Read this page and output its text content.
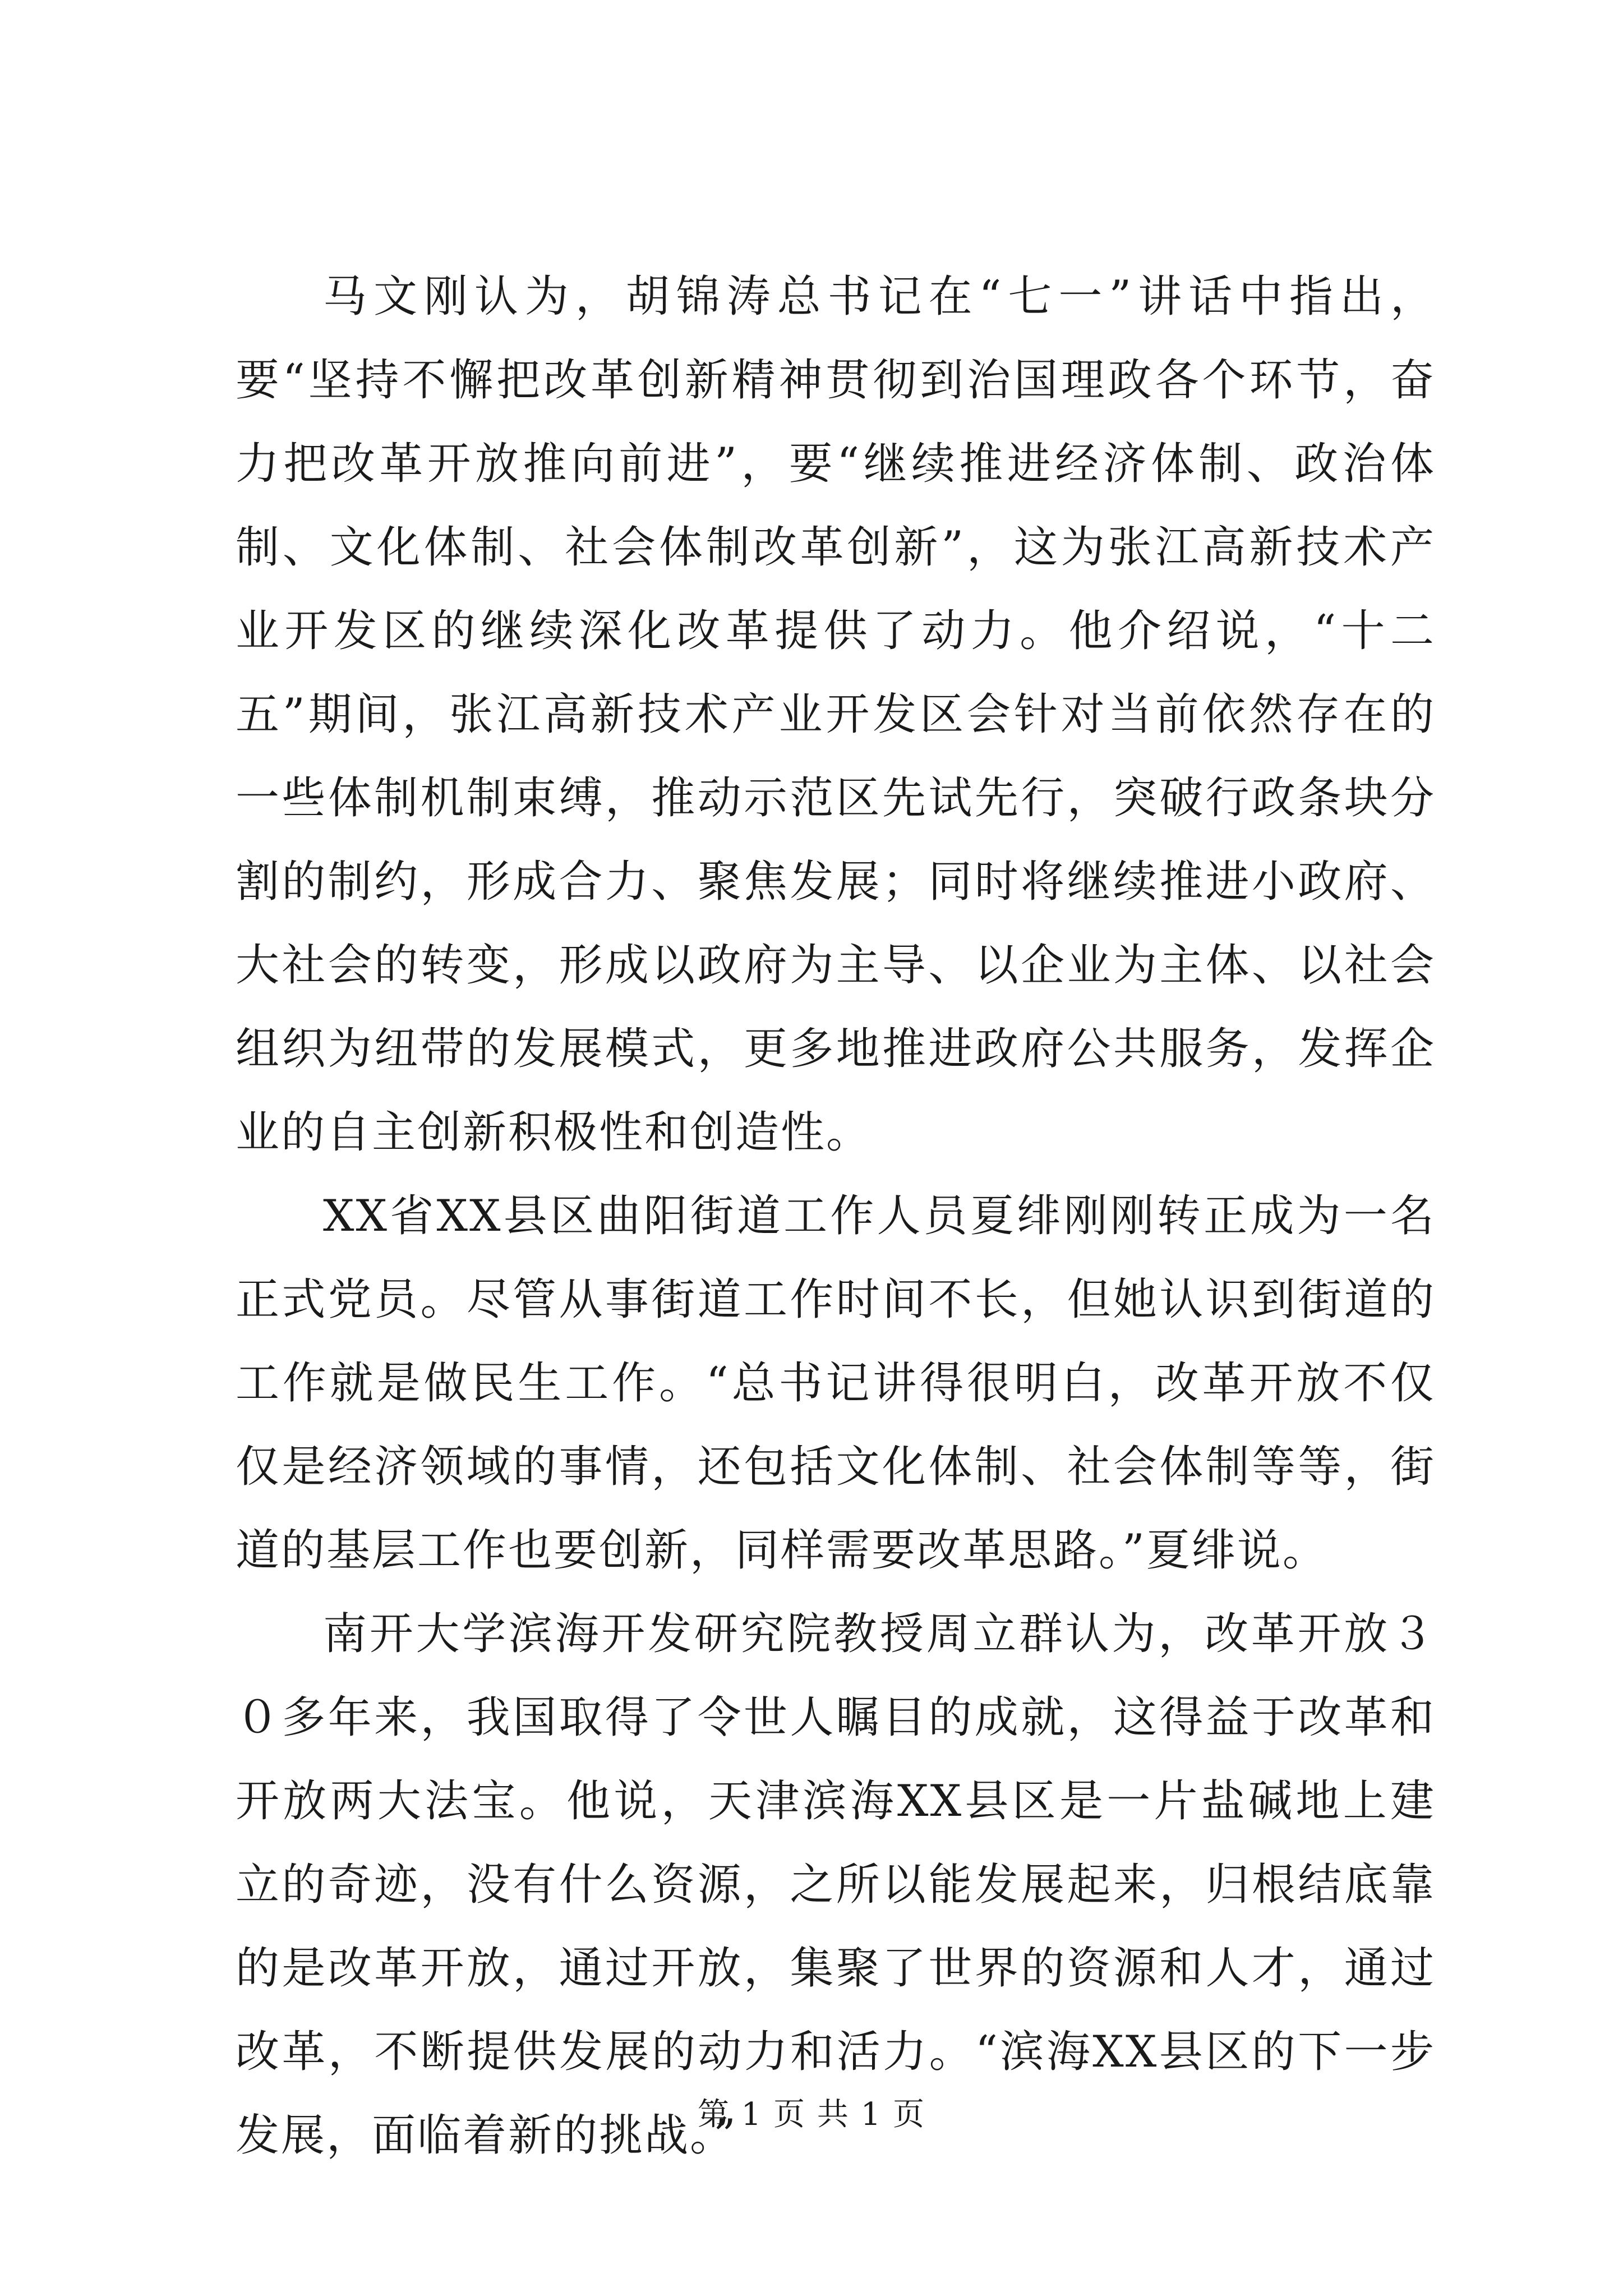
马文刚认为，胡锦涛总书记在“七一”讲话中指出，要“坚持不懈把改革创新精神贯彻到治国理政各个环节，奋力把改革开放推向前进”，要“继续推进经济体制、政治体制、文化体制、社会体制改革创新”，这为张江高新技术产业开发区的继续深化改革提供了动力。他介绍说，“十二五”期间，张江高新技术产业开发区会针对当前依然存在的一些体制机制束缚，推动示范区先试先行，突破行政条块分割的制约，形成合力、聚焦发展；同时将继续推进小政府、大社会的转变，形成以政府为主导、以企业为主体、以社会组织为纽带的发展模式，更多地推进政府公共服务，发挥企业的自主创新积极性和创造性。

XX省XX县区曲阳街道工作人员夏绯刚刚转正成为一名正式党员。尽管从事街道工作时间不长，但她认识到街道的工作就是做民生工作。“总书记讲得很明白，改革开放不仅仅是经济领域的事情，还包括文化体制、社会体制等等，街道的基层工作也要创新，同样需要改革思路。”夏绯说。

南开大学滨海开发研究院教授周立群认为，改革开放３０多年来，我国取得了令世人瞩目的成就，这得益于改革和开放两大法宝。他说，天津滨海XX县区是一片盐碱地上建立的奇迹，没有什么资源，之所以能发展起来，归根结底靠的是改革开放，通过开放，集聚了世界的资源和人才，通过改革，不断提供发展的动力和活力。“滨海XX县区的下一步发展，面临着新的挑战。”

第 1 页 共 1 页
